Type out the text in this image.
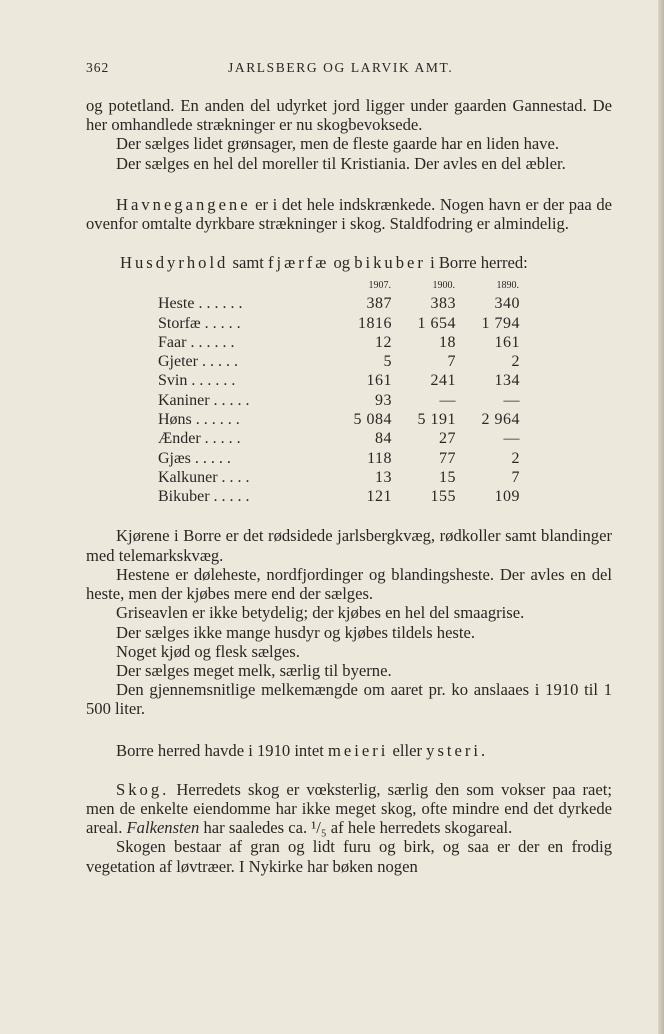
362	JARLSBERG OG LARVIK AMT.

og potetland. En anden del udyrket jord ligger under gaarden Gannestad. De her omhandlede strækninger er nu skogbevoksede.

Der sælges lidet grønsager, men de fleste gaarde har en liden have.

Der sælges en hel del moreller til Kristiania. Der avles en del æbler.

Havnegangene er i det hele indskrænkede. Nogen havn er der paa de ovenfor omtalte dyrkbare strækninger i skog. Staldfodring er almindelig.

Husdyrhold samt fjærfæ og bikuber i Borre herred:
	1907.	1900.	1890.
Heste . . . . . .	387	383	340
Storfæ . . . . .	1816	1 654	1 794
Faar . . . . . .	12	18	161
Gjeter . . . . .	5	7	2
Svin . . . . . .	161	241	134
Kaniner . . . . .	93	—	—
Høns . . . . . .	5 084	5 191	2 964
Ænder . . . . .	84	27	—
Gjæs . . . . .	118	77	2
Kalkuner . . . .	13	15	7
Bikuber . . . . .	121	155	109

Kjørene i Borre er det rødsidede jarlsbergkvæg, rødkoller samt blandinger med telemarkskvæg.

Hestene er døleheste, nordfjordinger og blandingsheste. Der avles en del heste, men der kjøbes mere end der sælges.

Griseavlen er ikke betydelig; der kjøbes en hel del smaagrise.

Der sælges ikke mange husdyr og kjøbes tildels heste.

Noget kjød og flesk sælges.

Der sælges meget melk, særlig til byerne.

Den gjennemsnitlige melkemængde om aaret pr. ko anslaaes i 1910 til 1 500 liter.

Borre herred havde i 1910 intet meieri eller ysteri.

Skog. Herredets skog er vœksterlig, særlig den som vokser paa raet; men de enkelte eiendomme har ikke meget skog, ofte mindre end det dyrkede areal. Falkensten har saaledes ca. ¹/₅ af hele herredets skogareal.

Skogen bestaar af gran og lidt furu og birk, og saa er der en frodig vegetation af løvtræer. I Nykirke har bøken nogen
